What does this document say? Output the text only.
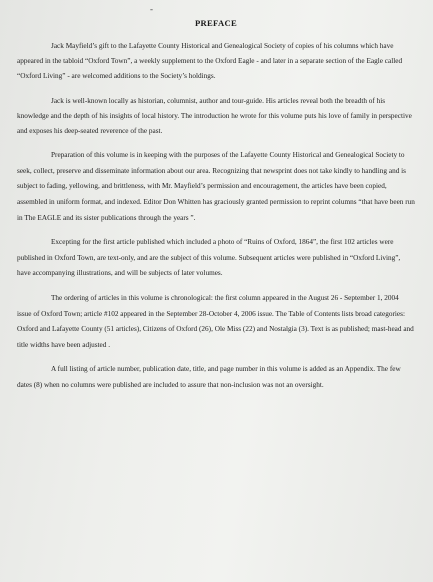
-
PREFACE

Jack Mayfield’s gift to the Lafayette County Historical and Genealogical Society of copies of his columns which have appeared in the tabloid “Oxford Town”, a weekly supplement to the Oxford Eagle - and later in a separate section of the Eagle called “Oxford Living” - are welcomed additions to the Society’s holdings.

Jack is well-known locally as historian, columnist, author and tour-guide. His articles reveal both the breadth of his knowledge and the depth of his insights of local history. The introduction he wrote for this volume puts his love of family in perspective and exposes his deep-seated reverence of the past.

Preparation of this volume is in keeping with the purposes of the Lafayette County Historical and Genealogical Society to seek, collect, preserve and disseminate information about our area. Recognizing that newsprint does not take kindly to handling and is subject to fading, yellowing, and brittleness, with Mr. Mayfield’s permission and encouragement, the articles have been copied, assembled in uniform format, and indexed. Editor Don Whitten has graciously granted permission to reprint columns “that have been run in The EAGLE and its sister publications through the years ”.

Excepting for the first article published which included a photo of “Ruins of Oxford, 1864”, the first 102 articles were published in Oxford Town, are text-only, and are the subject of this volume. Subsequent articles were published in “Oxford Living”, have accompanying illustrations, and will be subjects of later volumes.

The ordering of articles in this volume is chronological: the first column appeared in the August 26 - September 1, 2004 issue of Oxford Town; article #102 appeared in the September 28-October 4, 2006 issue. The Table of Contents lists broad categories: Oxford and Lafayette County (51 articles), Citizens of Oxford (26), Ole Miss (22) and Nostalgia (3). Text is as published; mast-head and title widths have been adjusted .

A full listing of article number, publication date, title, and page number in this volume is added as an Appendix. The few dates (8) when no columns were published are included to assure that non-inclusion was not an oversight.
